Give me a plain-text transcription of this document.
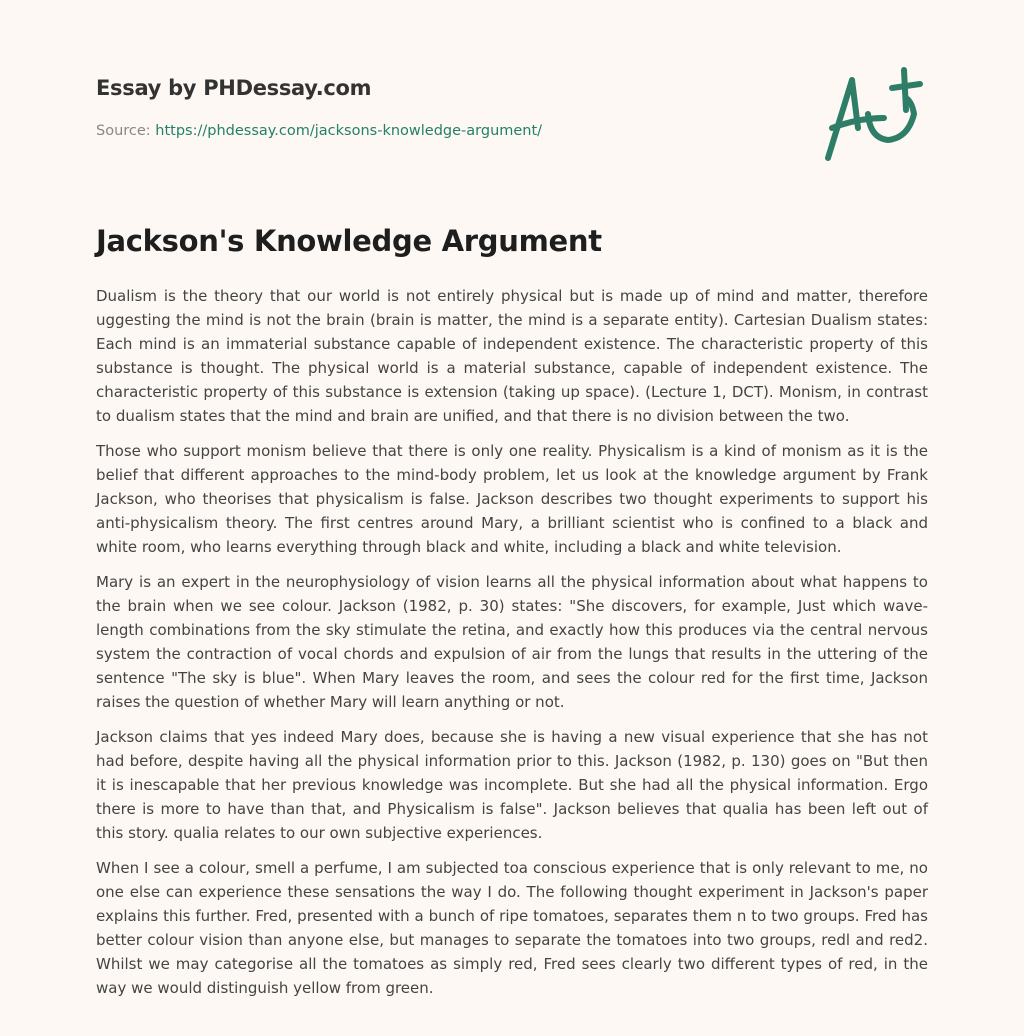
Essay by PHDessay.com
Source: https://phdessay.com/jacksons-knowledge-argument/
Jackson's Knowledge Argument

Dualism is the theory that our world is not entirely physical but is made up of mind and matter, therefore uggesting the mind is not the brain (brain is matter, the mind is a separate entity). Cartesian Dualism states: Each mind is an immaterial substance capable of independent existence. The characteristic property of this substance is thought. The physical world is a material substance, capable of independent existence. The characteristic property of this substance is extension (taking up space). (Lecture 1, DCT). Monism, in contrast to dualism states that the mind and brain are unified, and that there is no division between the two.

Those who support monism believe that there is only one reality. Physicalism is a kind of monism as it is the belief that different approaches to the mind-body problem, let us look at the knowledge argument by Frank Jackson, who theorises that physicalism is false. Jackson describes two thought experiments to support his anti-physicalism theory. The first centres around Mary, a brilliant scientist who is confined to a black and white room, who learns everything through black and white, including a black and white television.

Mary is an expert in the neurophysiology of vision learns all the physical information about what happens to the brain when we see colour. Jackson (1982, p. 30) states: "She discovers, for example, Just which wave-length combinations from the sky stimulate the retina, and exactly how this produces via the central nervous system the contraction of vocal chords and expulsion of air from the lungs that results in the uttering of the sentence "The sky is blue". When Mary leaves the room, and sees the colour red for the first time, Jackson raises the question of whether Mary will learn anything or not.

Jackson claims that yes indeed Mary does, because she is having a new visual experience that she has not had before, despite having all the physical information prior to this. Jackson (1982, p. 130) goes on "But then it is inescapable that her previous knowledge was incomplete. But she had all the physical information. Ergo there is more to have than that, and Physicalism is false". Jackson believes that qualia has been left out of this story. qualia relates to our own subjective experiences.

When I see a colour, smell a perfume, I am subjected toa conscious experience that is only relevant to me, no one else can experience these sensations the way I do. The following thought experiment in Jackson's paper explains this further. Fred, presented with a bunch of ripe tomatoes, separates them n to two groups. Fred has better colour vision than anyone else, but manages to separate the tomatoes into two groups, redl and red2. Whilst we may categorise all the tomatoes as simply red, Fred sees clearly two different types of red, in the way we would distinguish yellow from green.
